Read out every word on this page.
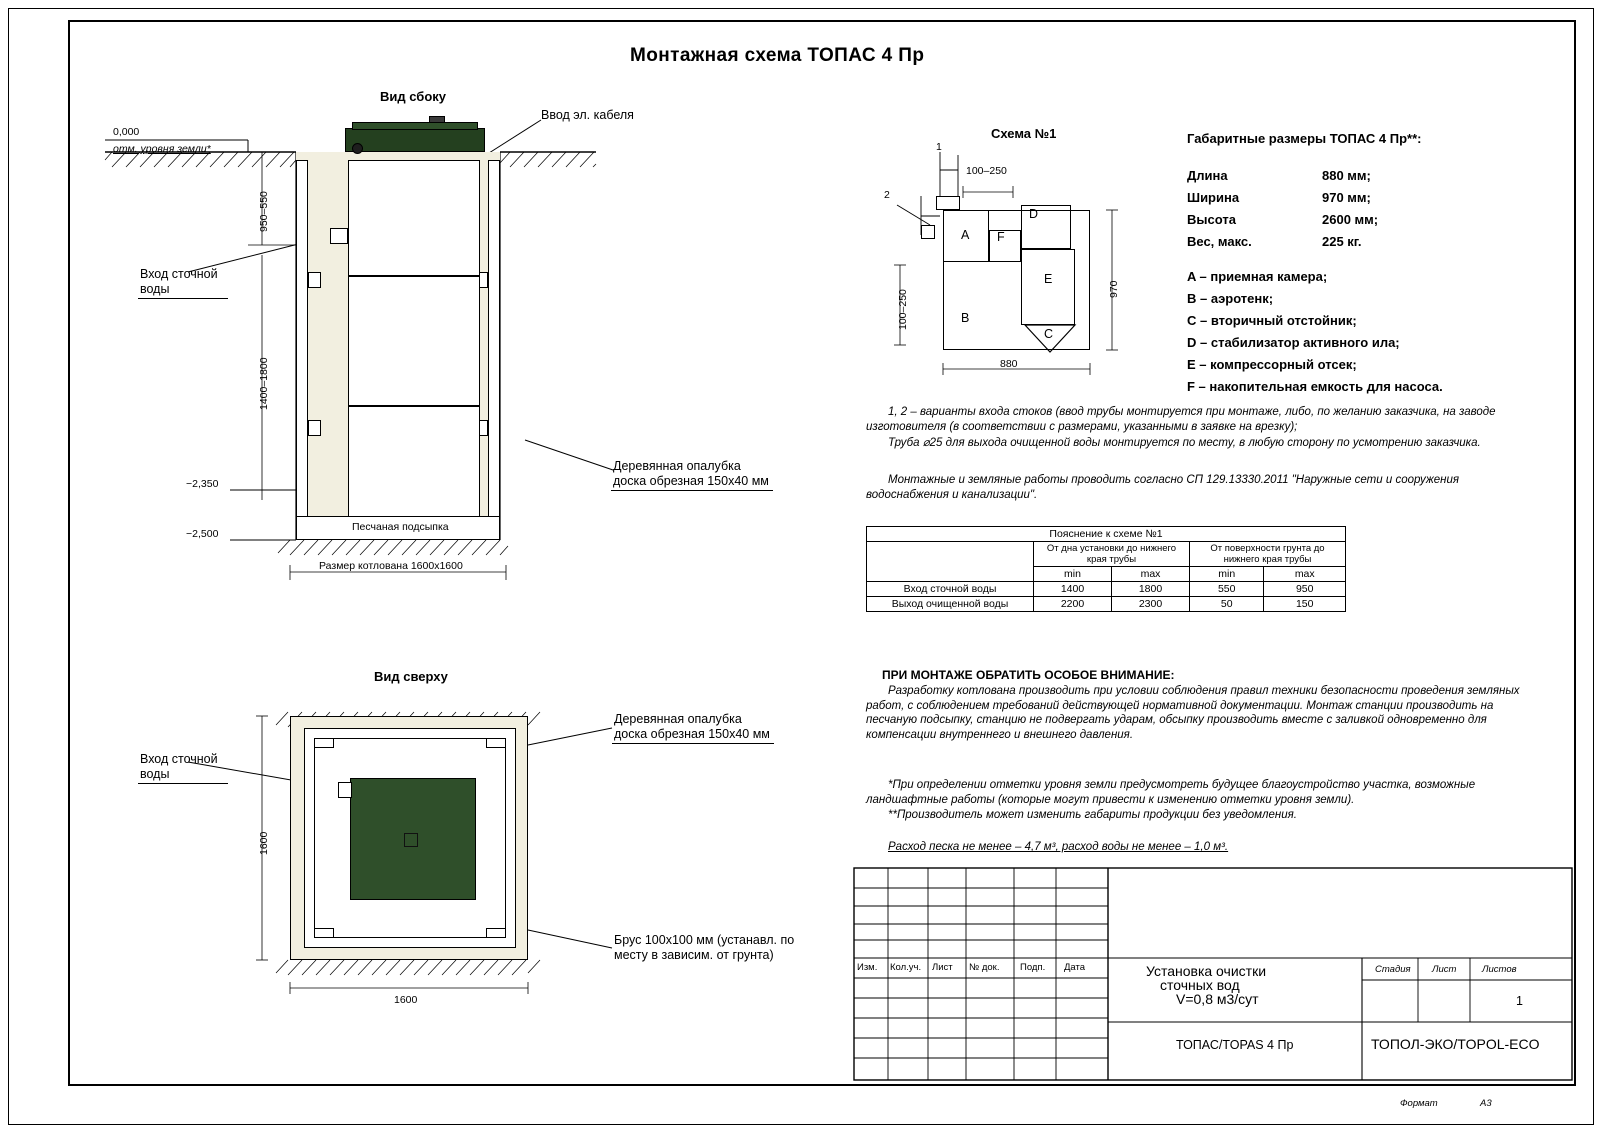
Монтажная схема ТОПАС 4 Пр
Вид сбоку
Песчаная подсыпка
Ввод эл. кабеля
0,000
отм. уровня земли*
Вход сточной
воды
950–550
1400–1800
−2,350
−2,500
Размер котлована 1600х1600
Деревянная опалубка
доска обрезная 150х40 мм
Вид сверху
Вход сточной
воды
Деревянная опалубка
доска обрезная 150х40 мм
Брус 100х100 мм (устанавл. по
месту в зависим. от грунта)
1600
1600
Схема №1
A
B
C
D
E
F
1
2
100–250
100–250
880
970
Габаритные размеры ТОПАС 4 Пр**:
Длина	880 мм;
Ширина	970 мм;
Высота	2600 мм;
Вес, макс.	225 кг.
A – приемная камера;
B – аэротенк;
C – вторичный отстойник;
D – стабилизатор активного ила;
E – компрессорный отсек;
F – накопительная емкость для насоса.
1, 2 – варианты входа стоков (ввод трубы монтируется при монтаже, либо, по желанию заказчика, на заводе изготовителя (в соответствии с размерами, указанными в заявке на врезку);
Труба ⌀25 для выхода очищенной воды монтируется по месту, в любую сторону по усмотрению заказчика.
Монтажные и земляные работы проводить согласно СП 129.13330.2011 "Наружные сети и сооружения водоснабжения и канализации".
Пояснение к схеме №1				
	От дна установки до нижнего края трубы		От поверхности грунта до нижнего края трубы	
	min	max	min	max
Вход сточной воды	1400	1800	550	950
Выход очищенной воды	2200	2300	50	150
ПРИ МОНТАЖЕ ОБРАТИТЬ ОСОБОЕ ВНИМАНИЕ:
Разработку котлована производить при условии соблюдения правил техники безопасности проведения земляных работ, с соблюдением требований действующей нормативной документации. Монтаж станции производить на песчаную подсыпку, станцию не подвергать ударам, обсыпку производить вместе с заливкой одновременно для компенсации внутреннего и внешнего давления.
*При определении отметки уровня земли предусмотреть будущее благоустройство участка, возможные ландшафтные работы (которые могут привести к изменению отметки уровня земли).
**Производитель может изменить габариты продукции без уведомления.
Расход песка не менее – 4,7 м³, расход воды не менее – 1,0 м³.
Изм. Кол.уч. Лист № док. Подп. Дата	Установка очистки
сточных вод
V=0,8 м3/сут
ТОПАС/TOPAS 4 Пр
Стадия Лист	Листов
1
ТОПОЛ-ЭКО/TOPOL-ECO
Формат	А3
